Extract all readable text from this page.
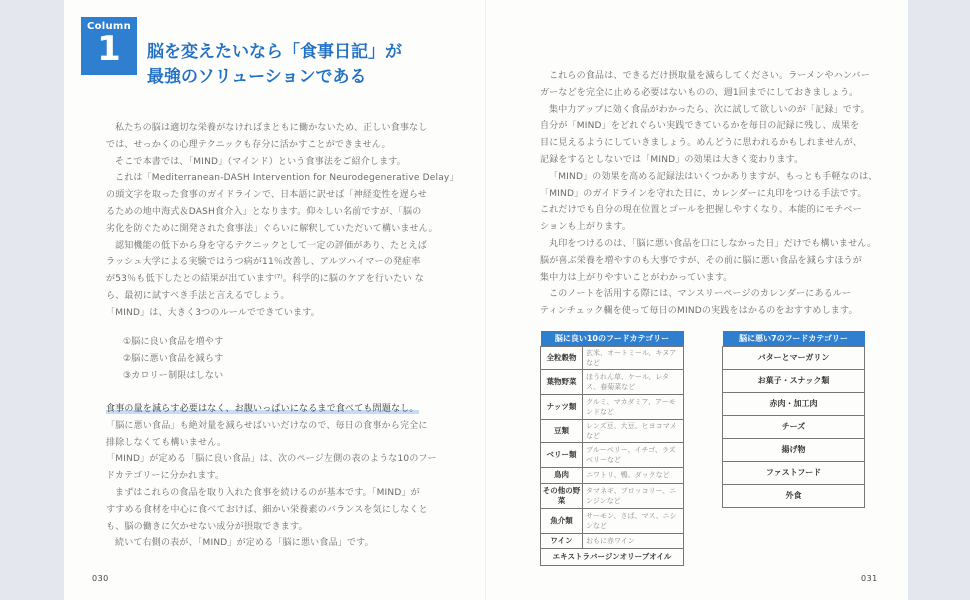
Column
1	脳を変えたいなら「食事日記」が
最強のソリューションである

私たちの脳は適切な栄養がなければまともに働かないため、正しい食事なし

では、せっかくの心理テクニックも存分に活かすことができません。

そこで本書では、「MIND」（マインド）という食事法をご紹介します。

これは「Mediterranean-DASH Intervention for Neurodegenerative Delay」

の頭文字を取った食事のガイドラインで、日本語に訳せば「神経変性を遅らせ

るための地中海式＆DASH食介入」となります。仰々しい名前ですが、「脳の

劣化を防ぐために開発された食事法」ぐらいに解釈していただいて構いません。

認知機能の低下から身を守るテクニックとして一定の評価があり、たとえば

ラッシュ大学による実験ではうつ病が11％改善し、アルツハイマーの発症率

が53％も低下したとの結果が出ています⁽⁷⁾。科学的に脳のケアを行いたい な

ら、最初に試すべき手法と言えるでしょう。

「MIND」は、大きく3つのルールでできています。

①脳に良い食品を増やす

②脳に悪い食品を減らす

③カロリー制限はしない

食事の量を減らす必要はなく、お腹いっぱいになるまで食べても問題なし。

「脳に悪い食品」も絶対量を減らせばいいだけなので、毎日の食事から完全に

排除しなくても構いません。

「MIND」が定める「脳に良い食品」は、次のページ左側の表のような10のフー

ドカテゴリーに分かれます。

まずはこれらの食品を取り入れた食事を続けるのが基本です。「MIND」が

すすめる食材を中心に食べておけば、細かい栄養素のバランスを気にしなくと

も、脳の働きに欠かせない成分が摂取できます。

続いて右側の表が、「MIND」が定める「脳に悪い食品」です。

これらの食品は、できるだけ摂取量を減らしてください。ラーメンやハンバー

ガーなどを完全に止める必要はないものの、週1回までにしておきましょう。

集中力アップに効く食品がわかったら、次に試して欲しいのが「記録」です。

自分が「MIND」をどれぐらい実践できているかを毎日の記録に残し、成果を

目に見えるようにしていきましょう。めんどうに思われるかもしれませんが、

記録をするとしないでは「MIND」の効果は大きく変わります。

「MIND」の効果を高める記録法はいくつかありますが、もっとも手軽なのは、

「MIND」のガイドラインを守れた日に、カレンダーに丸印をつける手法です。

これだけでも自分の現在位置とゴールを把握しやすくなり、本能的にモチベー

ションも上がります。

丸印をつけるのは、「脳に悪い食品を口にしなかった日」だけでも構いません。

脳が喜ぶ栄養を増やすのも大事ですが、その前に脳に悪い食品を減らすほうが

集中力は上がりやすいことがわかっています。

このノートを活用する際には、マンスリーページのカレンダーにあるルー

ティンチェック欄を使って毎日のMINDの実践をはかるのをおすすめします。

脳に良い10のフードカテゴリー	
全粒穀物	玄米、オートミール、キヌアなど
葉物野菜	ほうれん草、ケール、レタス、春菊菜など
ナッツ類	クルミ、マカダミア、アーモンドなど
豆類	レンズ豆、大豆、ヒヨコマメなど
ベリー類	ブルーベリー、イチゴ、ラズベリーなど
鳥肉	ニワトリ、鴨、ダックなど
その他の野菜	タマネギ、ブロッコリー、ニンジンなど
魚介類	サーモン、さば、マス、ニシンなど
ワイン	おもに赤ワイン
エキストラバージンオリーブオイル	
脳に悪い7のフードカテゴリー
バターとマーガリン
お菓子・スナック類
赤肉・加工肉
チーズ
揚げ物
ファストフード
外食
030	031
